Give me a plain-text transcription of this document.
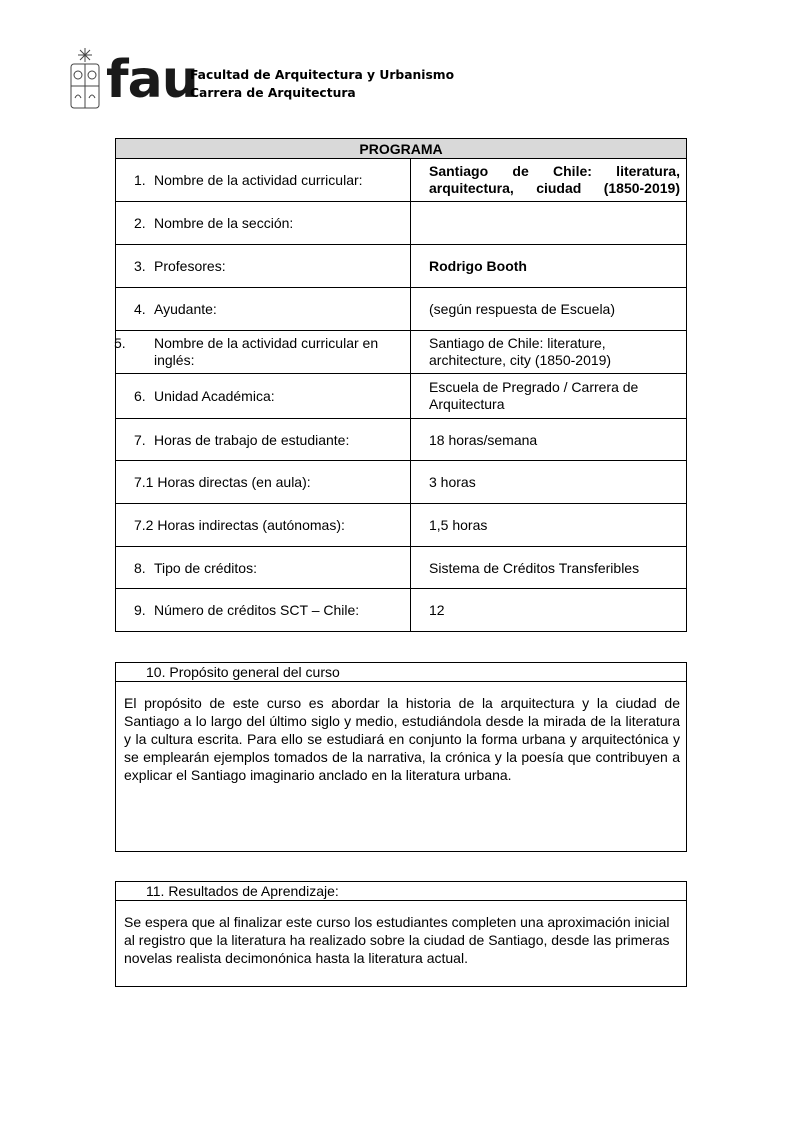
fau
Facultad de Arquitectura y Urbanismo
Carrera de Arquitectura
PROGRAMA	
1. Nombre de la actividad curricular:	Santiago de Chile: literatura, arquitectura, ciudad (1850-2019)

2. Nombre de la sección:	
3. Profesores:	Rodrigo Booth
4. Ayudante:	(según respuesta de Escuela)

5. Nombre de la actividad curricular en inglés:	Santiago de Chile: literature, architecture, city (1850-2019)
6. Unidad Académica:	Escuela de Pregrado / Carrera de Arquitectura
7. Horas de trabajo de estudiante:	18 horas/semana
7.1 Horas directas (en aula):	3 horas
7.2 Horas indirectas (autónomas):	1,5 horas
8. Tipo de créditos:	Sistema de Créditos Transferibles
9. Número de créditos SCT – Chile:	12
10. Propósito general del curso
El propósito de este curso es abordar la historia de la arquitectura y la ciudad de Santiago a lo largo del último siglo y medio, estudiándola desde la mirada de la literatura y la cultura escrita. Para ello se estudiará en conjunto la forma urbana y arquitectónica y se emplearán ejemplos tomados de la narrativa, la crónica y la poesía que contribuyen a explicar el Santiago imaginario anclado en la literatura urbana.
11. Resultados de Aprendizaje:
Se espera que al finalizar este curso los estudiantes completen una aproximación inicial al registro que la literatura ha realizado sobre la ciudad de Santiago, desde las primeras novelas realista decimonónica hasta la literatura actual.
